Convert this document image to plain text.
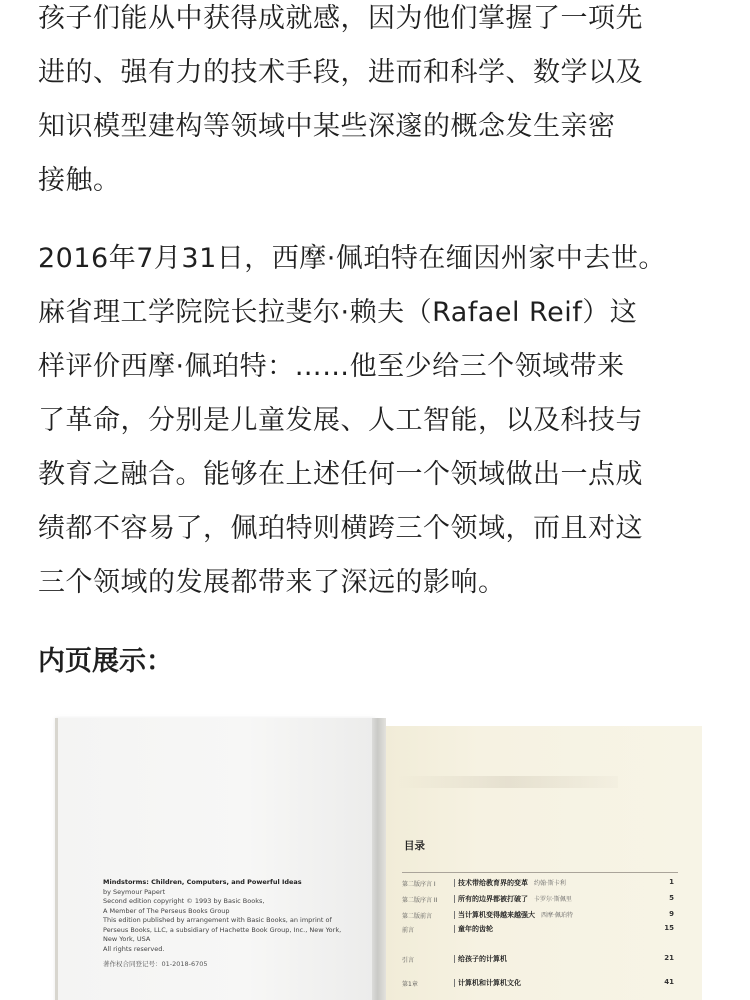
孩子们能从中获得成就感，因为他们掌握了一项先
进的、强有力的技术手段，进而和科学、数学以及
知识模型建构等领域中某些深邃的概念发生亲密
接触。

2016年7月31日，西摩·佩珀特在缅因州家中去世。
麻省理工学院院长拉斐尔·赖夫（Rafael Reif）这
样评价西摩·佩珀特：……他至少给三个领域带来
了革命，分别是儿童发展、人工智能，以及科技与
教育之融合。能够在上述任何一个领域做出一点成
绩都不容易了，佩珀特则横跨三个领域，而且对这
三个领域的发展都带来了深远的影响。

内页展示：
Mindstorms: Children, Computers, and Powerful Ideas
by Seymour Papert
Second edition copyright © 1993 by Basic Books,
A Member of The Perseus Books Group
This edition published by arrangement with Basic Books, an imprint of
Perseus Books, LLC, a subsidiary of Hachette Book Group, Inc., New York,
New York, USA
All rights reserved.
著作权合同登记号：01-2018-6705
目录
第二版序言 I	技术带给教育界的变革 约翰·斯卡利	1
第二版序言 II	所有的边界都被打破了 卡罗尔·斯佩里	5
第二版前言	当计算机变得越来越强大 西摩·佩珀特	9
前言	童年的齿轮	15
引言	给孩子的计算机	21
第1章	计算机和计算机文化	41
